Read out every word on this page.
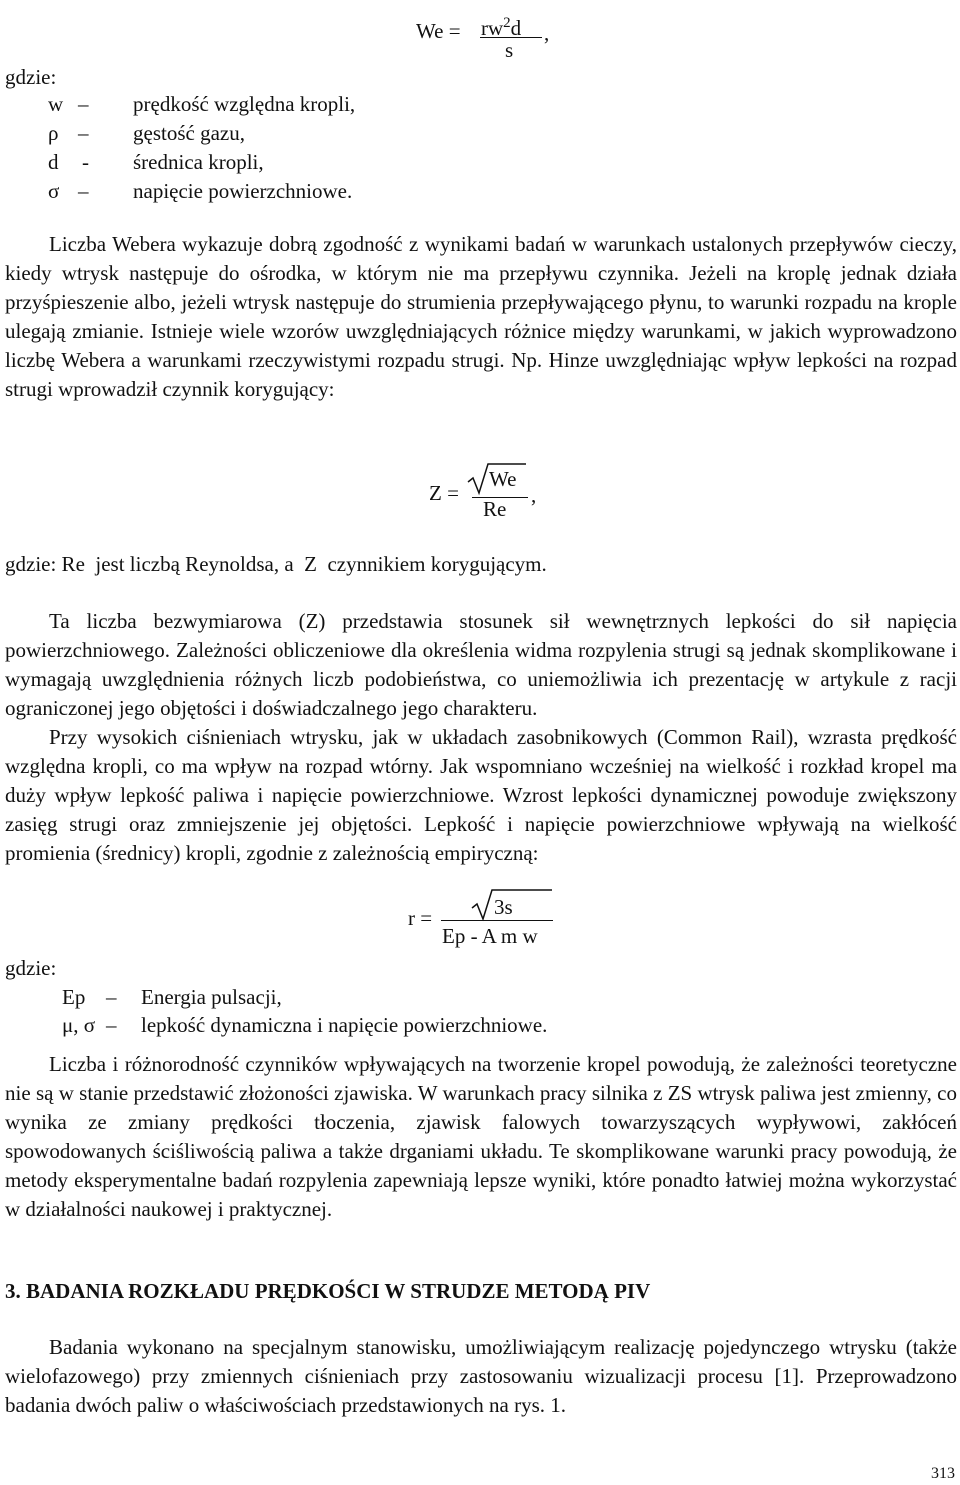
$We = rw^2d$
s
,
gdzie:
w – prędkość względna kropli,
ρ – gęstość gazu,
d - średnica kropli,
σ – napięcie powierzchniowe.

Liczba Webera wykazuje dobrą zgodność z wynikami badań w warunkach ustalonych przepływów cieczy, kiedy wtrysk następuje do ośrodka, w którym nie ma przepływu czynnika. Jeżeli na kroplę jednak działa przyśpieszenie albo, jeżeli wtrysk następuje do strumienia przepływającego płynu, to warunki rozpadu na krople ulegają zmianie. Istnieje wiele wzorów uwzględniających różnice między warunkami, w jakich wyprowadzono liczbę Webera a warunkami rzeczywistymi rozpadu strugi. Np. Hinze uwzględniając wpływ lepkości na rozpad strugi wprowadził czynnik korygujący:

Z =
We
Re
,
gdzie: Re  jest liczbą Reynoldsa, a  Z  czynnikiem korygującym.

Ta liczba bezwymiarowa (Z) przedstawia stosunek sił wewnętrznych lepkości do sił napięcia powierzchniowego. Zależności obliczeniowe dla określenia widma rozpylenia strugi są jednak skomplikowane i wymagają uwzględnienia różnych liczb podobieństwa, co uniemożliwia ich prezentację w artykule z racji ograniczonej jego objętości i doświadczalnego jego charakteru.

Przy wysokich ciśnieniach wtrysku, jak w układach zasobnikowych (Common Rail), wzrasta prędkość względna kropli, co ma wpływ na rozpad wtórny. Jak wspomniano wcześniej na wielkość i rozkład kropel ma duży wpływ lepkość paliwa i napięcie powierzchniowe. Wzrost lepkości dynamicznej powoduje zwiększony zasięg strugi oraz zmniejszenie jej objętości. Lepkość i napięcie powierzchniowe wpływają na wielkość promienia (średnicy) kropli, zgodnie z zależnością empiryczną:

r =	3s
Ep - A m w
gdzie:
Ep – Energia pulsacji,
μ, σ – lepkość dynamiczna i napięcie powierzchniowe.

Liczba i różnorodność czynników wpływających na tworzenie kropel powodują, że zależności teoretyczne nie są w stanie przedstawić złożoności zjawiska. W warunkach pracy silnika z ZS wtrysk paliwa jest zmienny, co wynika ze zmiany prędkości tłoczenia, zjawisk falowych towarzyszących wypływowi, zakłóceń spowodowanych ściśliwością paliwa a także drganiami układu. Te skomplikowane warunki pracy powodują, że metody eksperymentalne badań rozpylenia zapewniają lepsze wyniki, które ponadto łatwiej można wykorzystać w działalności naukowej i praktycznej.

3. BADANIA ROZKŁADU PRĘDKOŚCI W STRUDZE METODĄ PIV

Badania wykonano na specjalnym stanowisku, umożliwiającym realizację pojedynczego wtrysku (także wielofazowego) przy zmiennych ciśnieniach przy zastosowaniu wizualizacji procesu [1]. Przeprowadzono badania dwóch paliw o właściwościach przedstawionych na rys. 1.

313
